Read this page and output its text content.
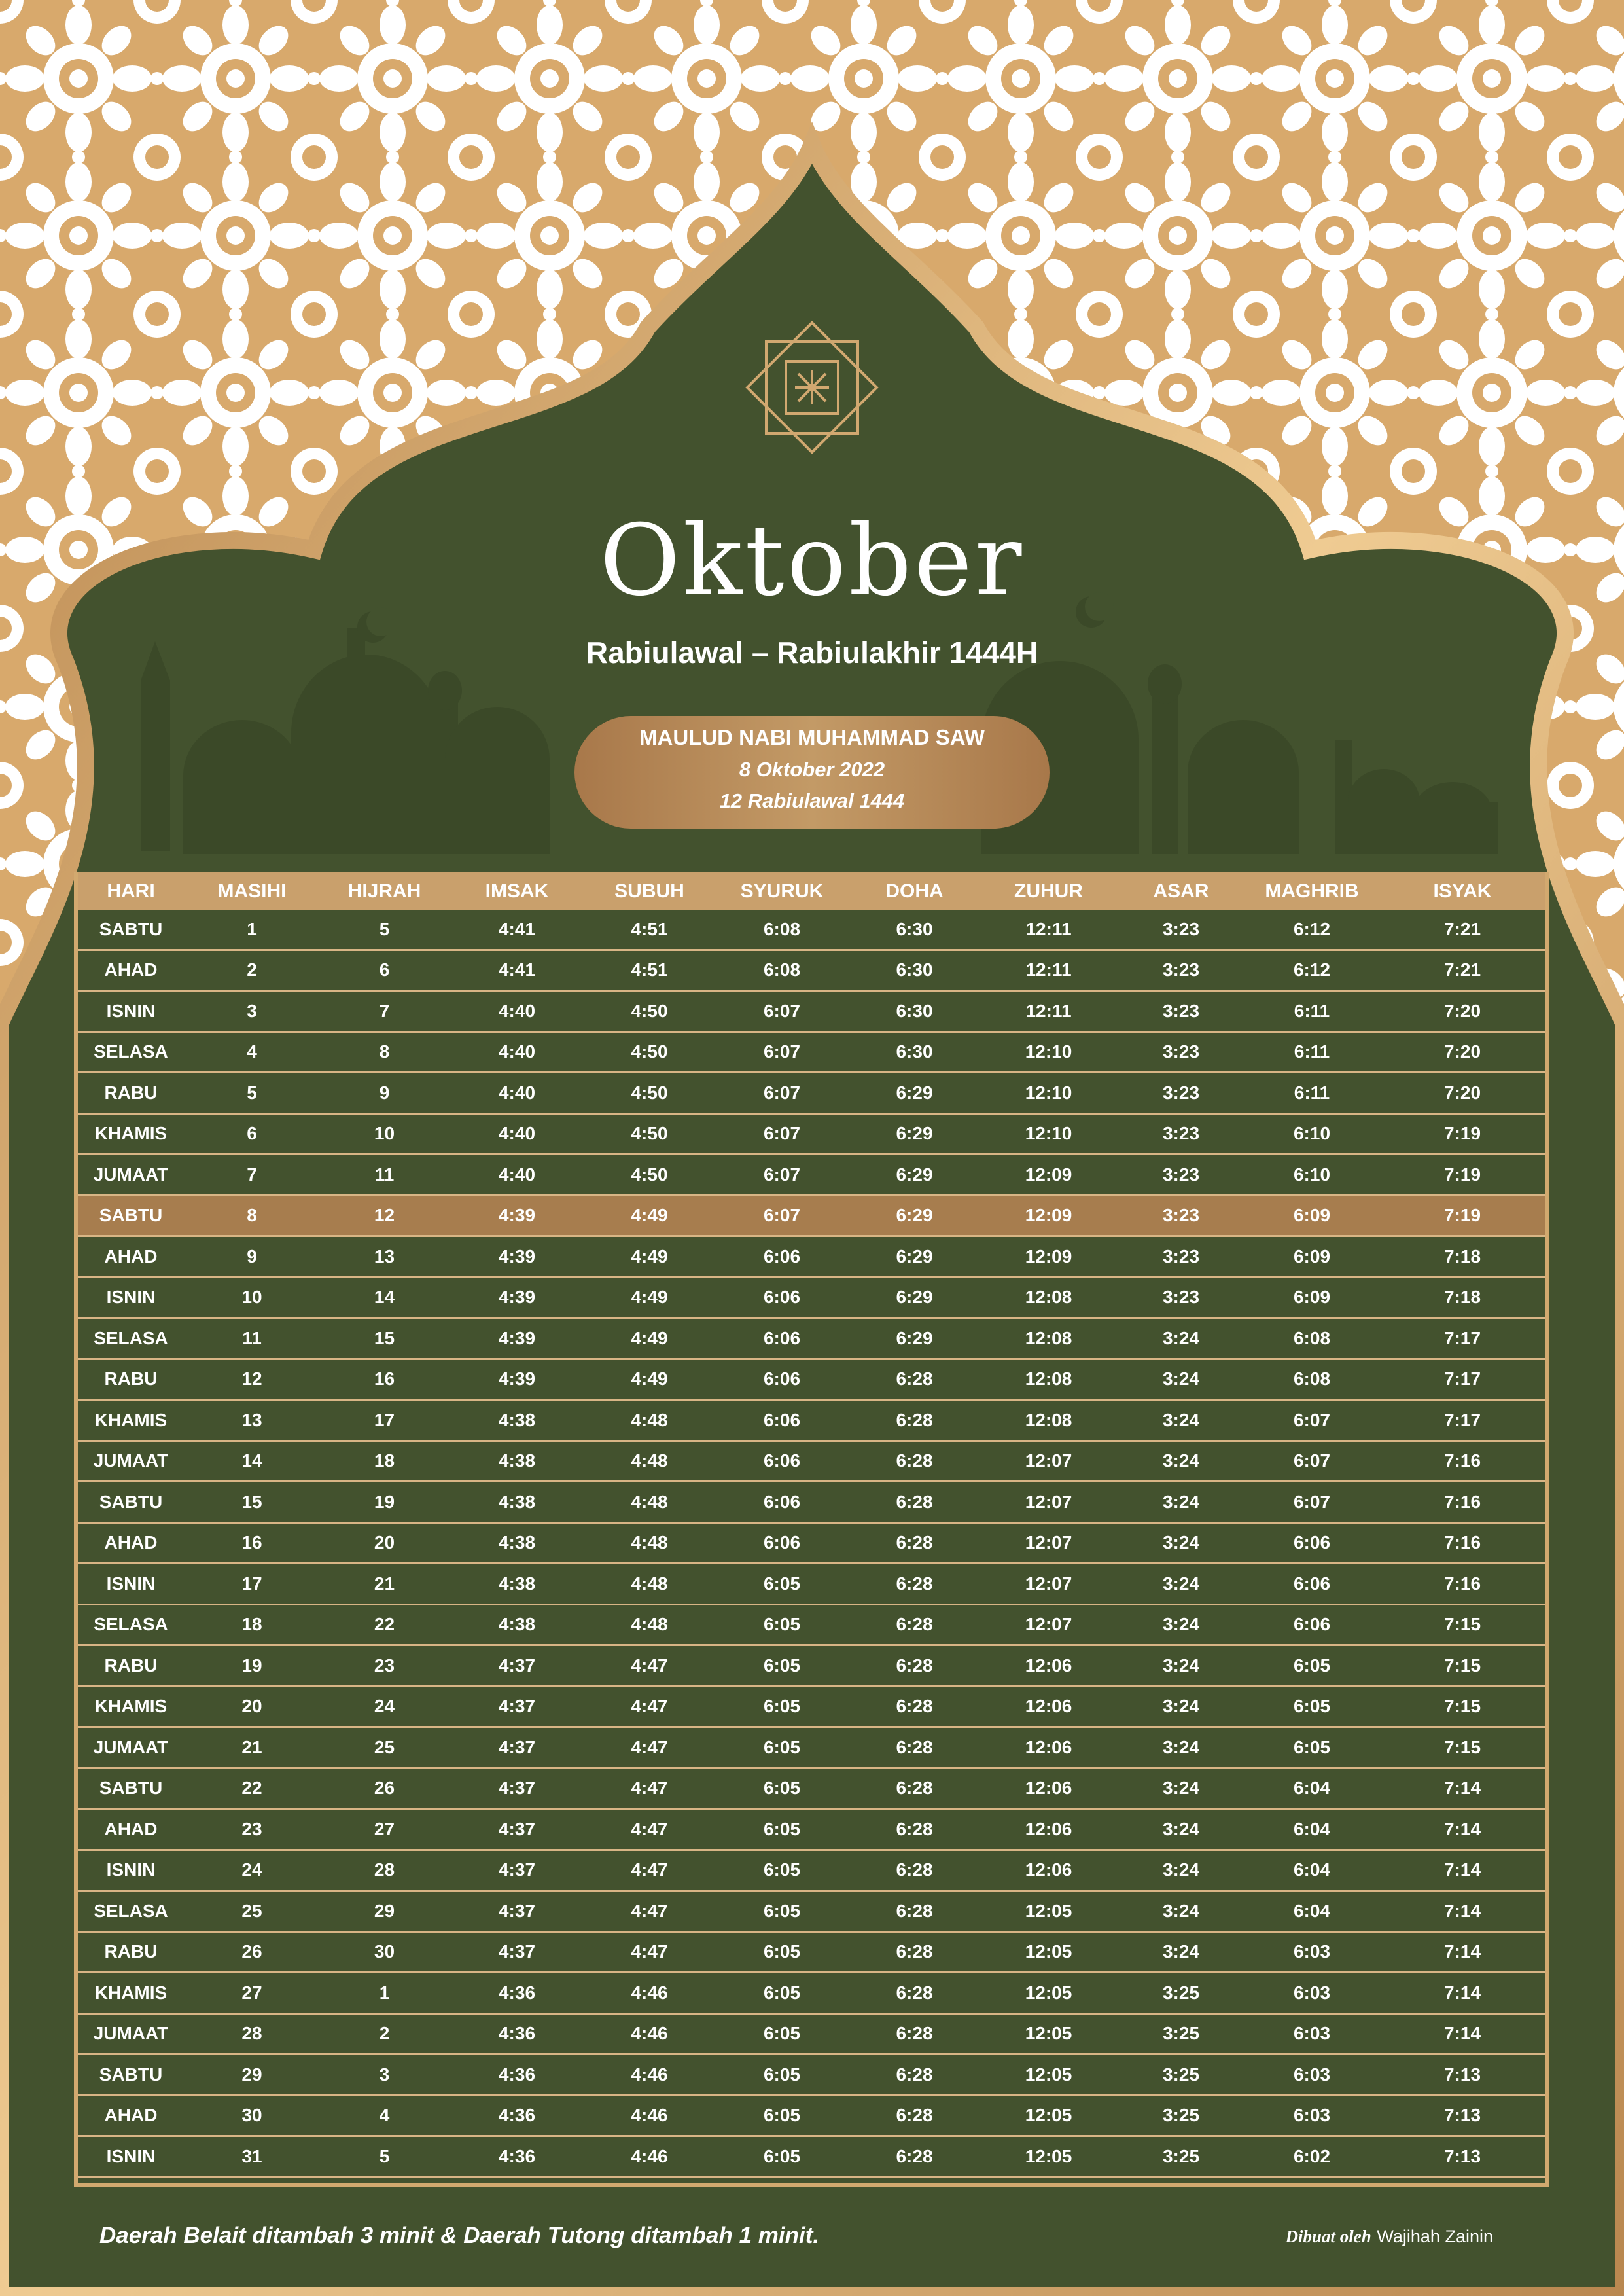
Oktober
Rabiulawal – Rabiulakhir 1444H
MAULUD NABI MUHAMMAD SAW
8 Oktober 2022
12 Rabiulawal 1444
HARI	MASIHI	HIJRAH	IMSAK	SUBUH	SYURUK	DOHA	ZUHUR	ASAR	MAGHRIB	ISYAK
SABTU	1	5	4:41	4:51	6:08	6:30	12:11	3:23	6:12	7:21
AHAD	2	6	4:41	4:51	6:08	6:30	12:11	3:23	6:12	7:21
ISNIN	3	7	4:40	4:50	6:07	6:30	12:11	3:23	6:11	7:20
SELASA	4	8	4:40	4:50	6:07	6:30	12:10	3:23	6:11	7:20
RABU	5	9	4:40	4:50	6:07	6:29	12:10	3:23	6:11	7:20
KHAMIS	6	10	4:40	4:50	6:07	6:29	12:10	3:23	6:10	7:19
JUMAAT	7	11	4:40	4:50	6:07	6:29	12:09	3:23	6:10	7:19
SABTU	8	12	4:39	4:49	6:07	6:29	12:09	3:23	6:09	7:19
AHAD	9	13	4:39	4:49	6:06	6:29	12:09	3:23	6:09	7:18
ISNIN	10	14	4:39	4:49	6:06	6:29	12:08	3:23	6:09	7:18
SELASA	11	15	4:39	4:49	6:06	6:29	12:08	3:24	6:08	7:17
RABU	12	16	4:39	4:49	6:06	6:28	12:08	3:24	6:08	7:17
KHAMIS	13	17	4:38	4:48	6:06	6:28	12:08	3:24	6:07	7:17
JUMAAT	14	18	4:38	4:48	6:06	6:28	12:07	3:24	6:07	7:16
SABTU	15	19	4:38	4:48	6:06	6:28	12:07	3:24	6:07	7:16
AHAD	16	20	4:38	4:48	6:06	6:28	12:07	3:24	6:06	7:16
ISNIN	17	21	4:38	4:48	6:05	6:28	12:07	3:24	6:06	7:16
SELASA	18	22	4:38	4:48	6:05	6:28	12:07	3:24	6:06	7:15
RABU	19	23	4:37	4:47	6:05	6:28	12:06	3:24	6:05	7:15
KHAMIS	20	24	4:37	4:47	6:05	6:28	12:06	3:24	6:05	7:15
JUMAAT	21	25	4:37	4:47	6:05	6:28	12:06	3:24	6:05	7:15
SABTU	22	26	4:37	4:47	6:05	6:28	12:06	3:24	6:04	7:14
AHAD	23	27	4:37	4:47	6:05	6:28	12:06	3:24	6:04	7:14
ISNIN	24	28	4:37	4:47	6:05	6:28	12:06	3:24	6:04	7:14
SELASA	25	29	4:37	4:47	6:05	6:28	12:05	3:24	6:04	7:14
RABU	26	30	4:37	4:47	6:05	6:28	12:05	3:24	6:03	7:14
KHAMIS	27	1	4:36	4:46	6:05	6:28	12:05	3:25	6:03	7:14
JUMAAT	28	2	4:36	4:46	6:05	6:28	12:05	3:25	6:03	7:14
SABTU	29	3	4:36	4:46	6:05	6:28	12:05	3:25	6:03	7:13
AHAD	30	4	4:36	4:46	6:05	6:28	12:05	3:25	6:03	7:13
ISNIN	31	5	4:36	4:46	6:05	6:28	12:05	3:25	6:02	7:13
Daerah Belait ditambah 3 minit & Daerah Tutong ditambah 1 minit.	Dibuat oleh Wajihah Zainin
